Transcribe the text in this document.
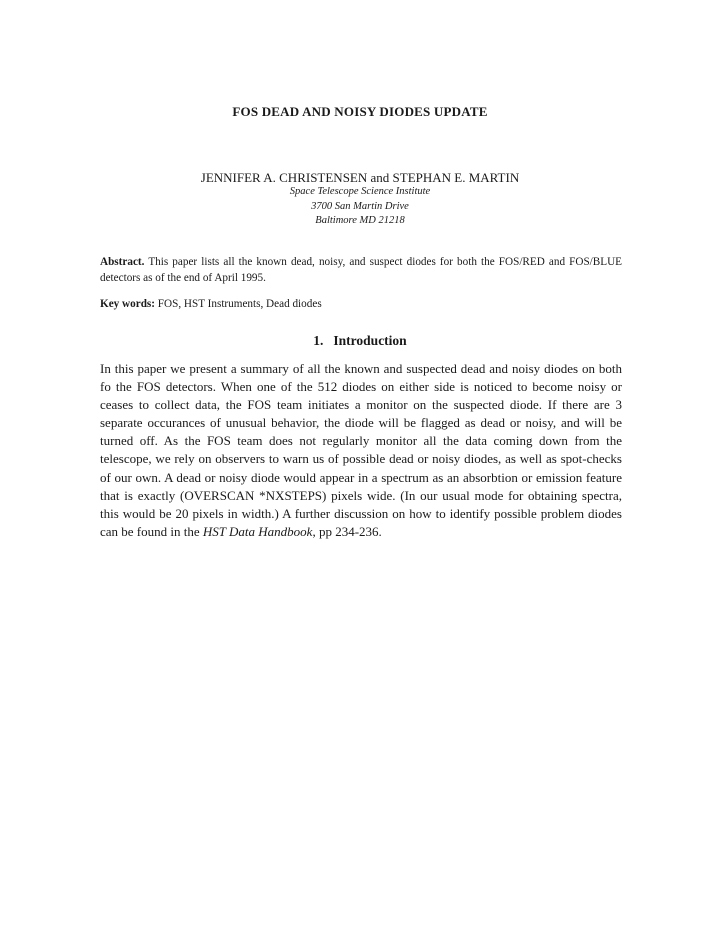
FOS DEAD AND NOISY DIODES UPDATE
JENNIFER A. CHRISTENSEN and STEPHAN E. MARTIN
Space Telescope Science Institute
3700 San Martin Drive
Baltimore MD 21218
Abstract. This paper lists all the known dead, noisy, and suspect diodes for both the FOS/RED and FOS/BLUE detectors as of the end of April 1995.
Key words: FOS, HST Instruments, Dead diodes
1. Introduction
In this paper we present a summary of all the known and suspected dead and noisy diodes on both fo the FOS detectors. When one of the 512 diodes on either side is noticed to become noisy or ceases to collect data, the FOS team initiates a monitor on the suspected diode. If there are 3 separate occurances of unusual behavior, the diode will be flagged as dead or noisy, and will be turned off. As the FOS team does not regularly monitor all the data coming down from the telescope, we rely on observers to warn us of possible dead or noisy diodes, as well as spot-checks of our own. A dead or noisy diode would appear in a spectrum as an absorbtion or emission feature that is exactly (OVERSCAN *NXSTEPS) pixels wide. (In our usual mode for obtaining spectra, this would be 20 pixels in width.) A further discussion on how to identify possible problem diodes can be found in the HST Data Handbook, pp 234-236.
